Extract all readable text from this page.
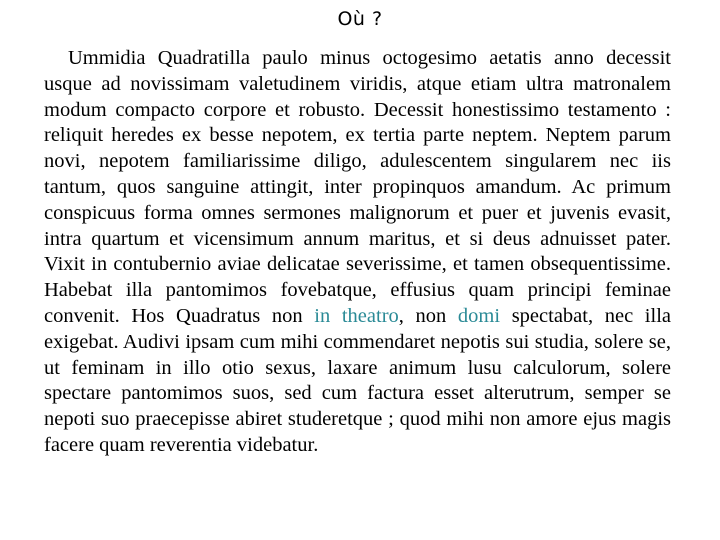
Où ?

Ummidia Quadratilla paulo minus octogesimo aetatis anno decessit usque ad novissimam valetudinem viridis, atque etiam ultra matronalem modum compacto corpore et robusto. Decessit honestissimo testamento : reliquit heredes ex besse nepotem, ex tertia parte neptem. Neptem parum novi, nepotem familiarissime diligo, adulescentem singularem nec iis tantum, quos sanguine attingit, inter propinquos amandum. Ac primum conspicuus forma omnes sermones malignorum et puer et juvenis evasit, intra quartum et vicensimum annum maritus, et si deus adnuisset pater. Vixit in contubernio aviae delicatae severissime, et tamen obsequentissime. Habebat illa pantomimos fovebatque, effusius quam principi feminae convenit. Hos Quadratus non in theatro, non domi spectabat, nec illa exigebat. Audivi ipsam cum mihi commendaret nepotis sui studia, solere se, ut feminam in illo otio sexus, laxare animum lusu calculorum, solere spectare pantomimos suos, sed cum factura esset alterutrum, semper se nepoti suo praecepisse abiret studeretque ; quod mihi non amore ejus magis facere quam reverentia videbatur.
